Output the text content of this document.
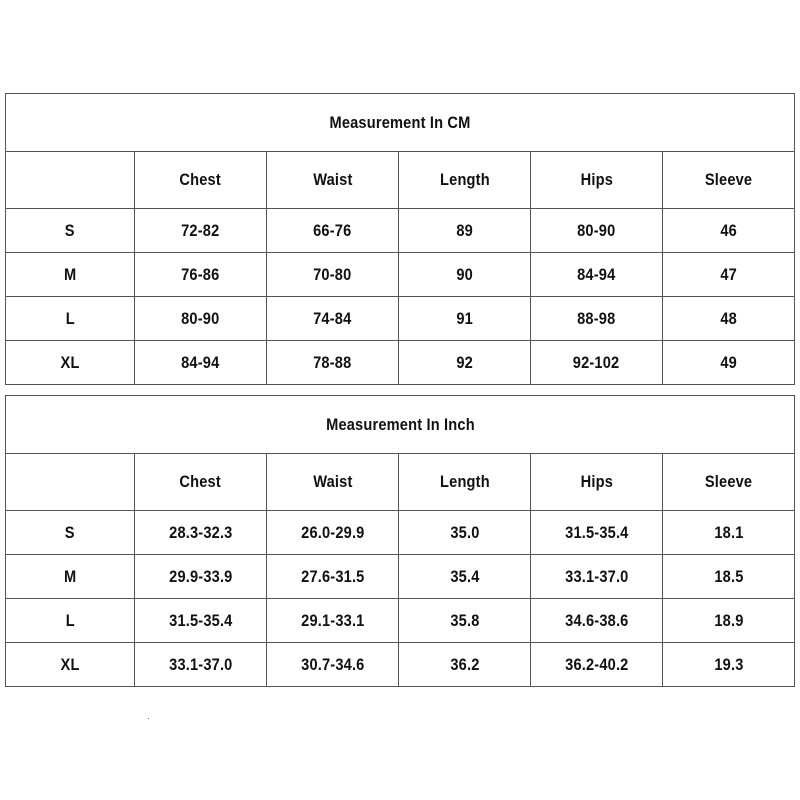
Measurement In CM					
	Chest	Waist	Length	Hips	Sleeve
S	72-82	66-76	89	80-90	46
M	76-86	70-80	90	84-94	47
L	80-90	74-84	91	88-98	48
XL	84-94	78-88	92	92-102	49
Measurement In Inch					
	Chest	Waist	Length	Hips	Sleeve
S	28.3-32.3	26.0-29.9	35.0	31.5-35.4	18.1
M	29.9-33.9	27.6-31.5	35.4	33.1-37.0	18.5
L	31.5-35.4	29.1-33.1	35.8	34.6-38.6	18.9
XL	33.1-37.0	30.7-34.6	36.2	36.2-40.2	19.3
